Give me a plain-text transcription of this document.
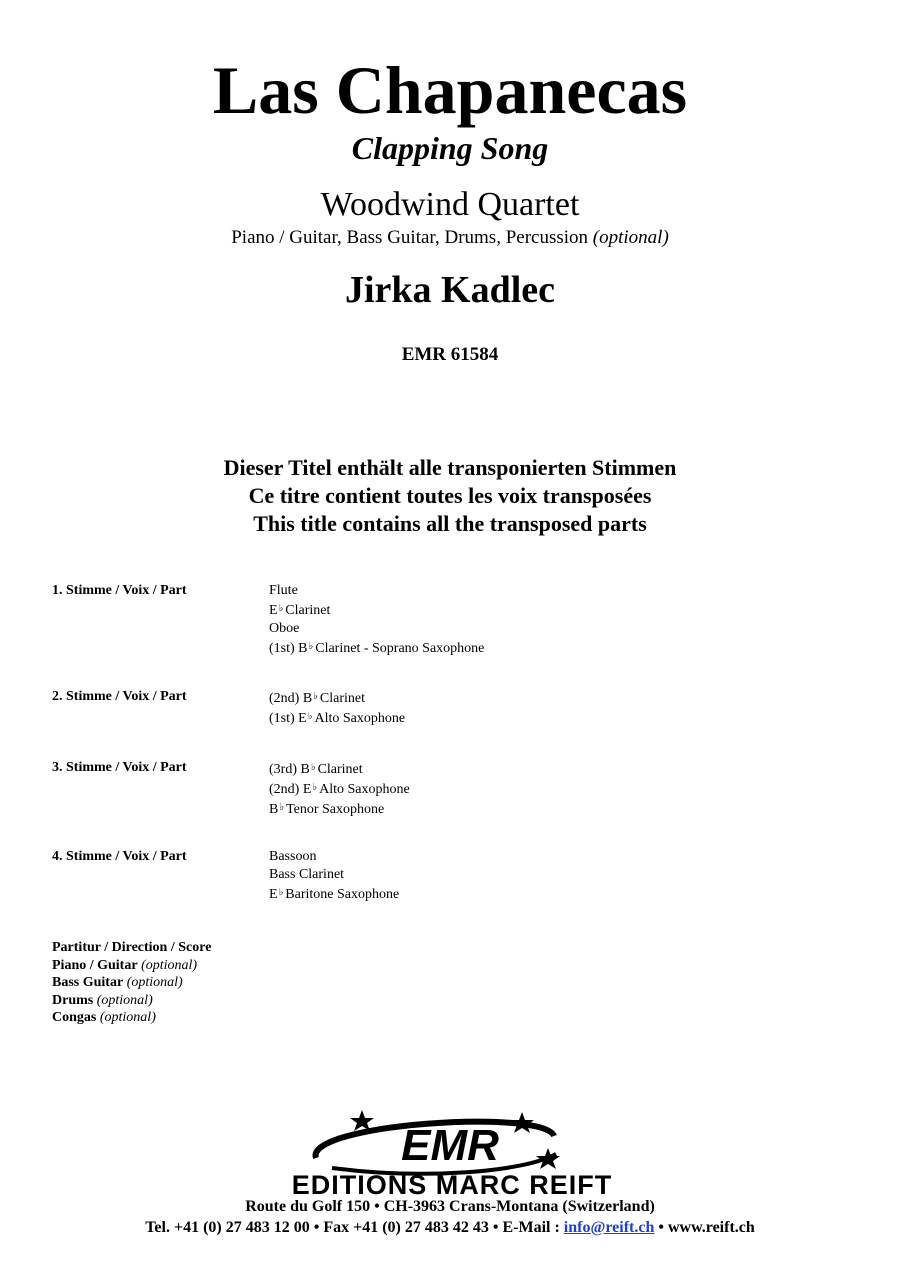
Las Chapanecas
Clapping Song
Woodwind Quartet
Piano / Guitar, Bass Guitar, Drums, Percussion (optional)
Jirka Kadlec
EMR 61584
Dieser Titel enthält alle transponierten Stimmen
Ce titre contient toutes les voix transposées
This title contains all the transposed parts
1. Stimme / Voix / Part	Flute
E♭ Clarinet
Oboe
(1st) B♭ Clarinet - Soprano Saxophone
2. Stimme / Voix / Part	(2nd) B♭ Clarinet
(1st) E♭ Alto Saxophone
3. Stimme / Voix / Part	(3rd) B♭ Clarinet
(2nd) E♭ Alto Saxophone
B♭ Tenor Saxophone
4. Stimme / Voix / Part	Bassoon
Bass Clarinet
E♭ Baritone Saxophone
Partitur / Direction / Score
Piano / Guitar (optional)
Bass Guitar (optional)
Drums (optional)
Congas (optional)
EMR
EDITIONS MARC REIFT
Route du Golf 150 • CH-3963 Crans-Montana (Switzerland)
Tel. +41 (0) 27 483 12 00 • Fax +41 (0) 27 483 42 43 • E-Mail : info@reift.ch • www.reift.ch
